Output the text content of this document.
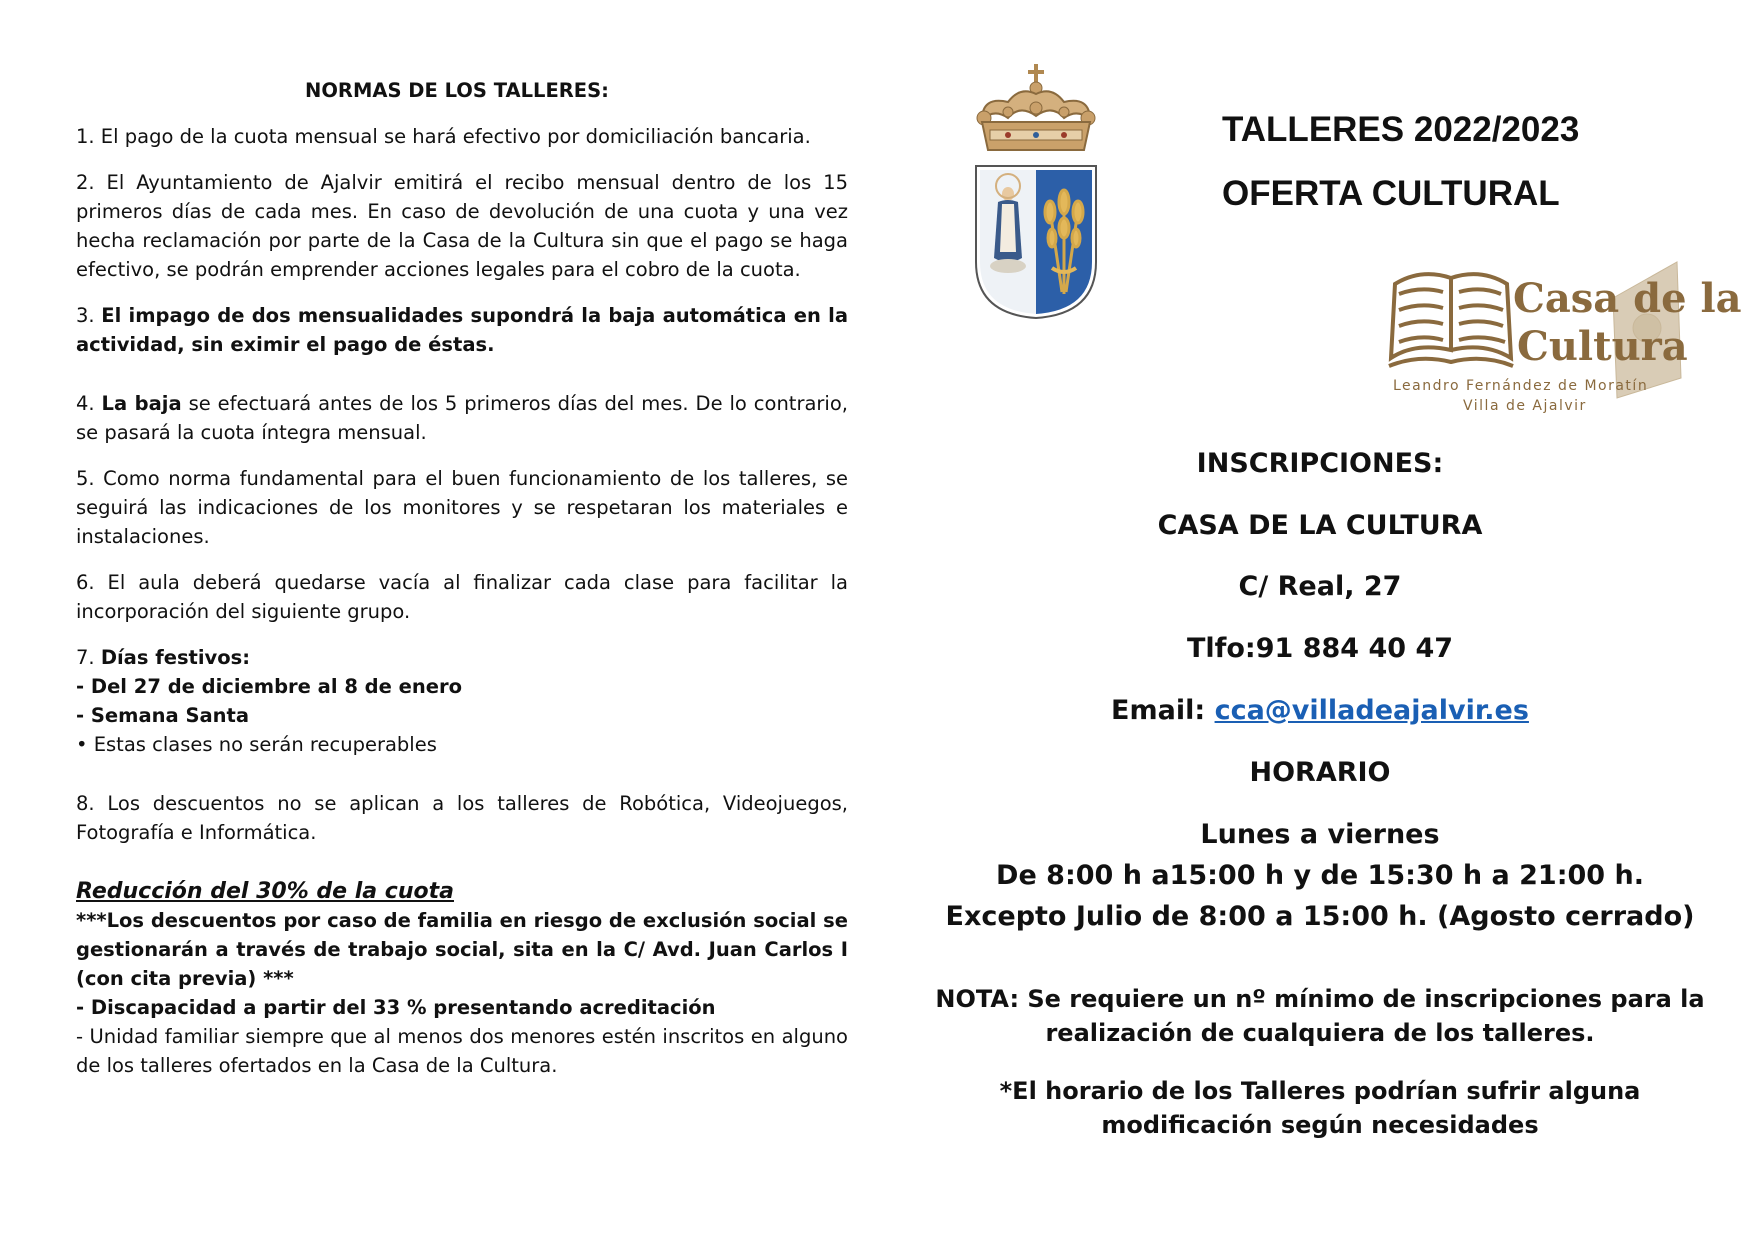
NORMAS DE LOS TALLERES:

1. El pago de la cuota mensual se hará efectivo por domiciliación bancaria.

2. El Ayuntamiento de Ajalvir emitirá el recibo mensual dentro de los 15 primeros días de cada mes. En caso de devolución de una cuota y una vez hecha reclamación por parte de la Casa de la Cultura sin que el pago se haga efectivo, se podrán emprender acciones legales para el cobro de la cuota.

3. El impago de dos mensualidades supondrá la baja automática en la actividad, sin eximir el pago de éstas.

4. La baja se efectuará antes de los 5 primeros días del mes. De lo contrario, se pasará la cuota íntegra mensual.

5. Como norma fundamental para el buen funcionamiento de los talleres, se seguirá las indicaciones de los monitores y se respetaran los materiales e instalaciones.

6. El aula deberá quedarse vacía al finalizar cada clase para facilitar la incorporación del siguiente grupo.

7. Días festivos:

- Del 27 de diciembre al 8 de enero

- Semana Santa

• Estas clases no serán recuperables

8. Los descuentos no se aplican a los talleres de Robótica, Videojuegos, Fotografía e Informática.

Reducción del 30% de la cuota

***Los descuentos por caso de familia en riesgo de exclusión social se gestionarán a través de trabajo social, sita en la C/ Avd. Juan Carlos I (con cita previa) ***

- Discapacidad a partir del 33 % presentando acreditación

- Unidad familiar siempre que al menos dos menores estén inscritos en alguno de los talleres ofertados en la Casa de la Cultura.

TALLERES 2022/2023
OFERTA CULTURAL
Casa de la
Cultura
Leandro Fernández de Moratín
Villa de Ajalvir
INSCRIPCIONES:
CASA DE LA CULTURA
C/ Real, 27
Tlfo:91 884 40 47
Email: cca@villadeajalvir.es
HORARIO
Lunes a viernes
De 8:00 h a15:00 h y de 15:30 h a 21:00 h.
Excepto Julio de 8:00 a 15:00 h. (Agosto cerrado)
NOTA: Se requiere un nº mínimo de inscripciones para la realización de cualquiera de los talleres.
*El horario de los Talleres podrían sufrir alguna modificación según necesidades
